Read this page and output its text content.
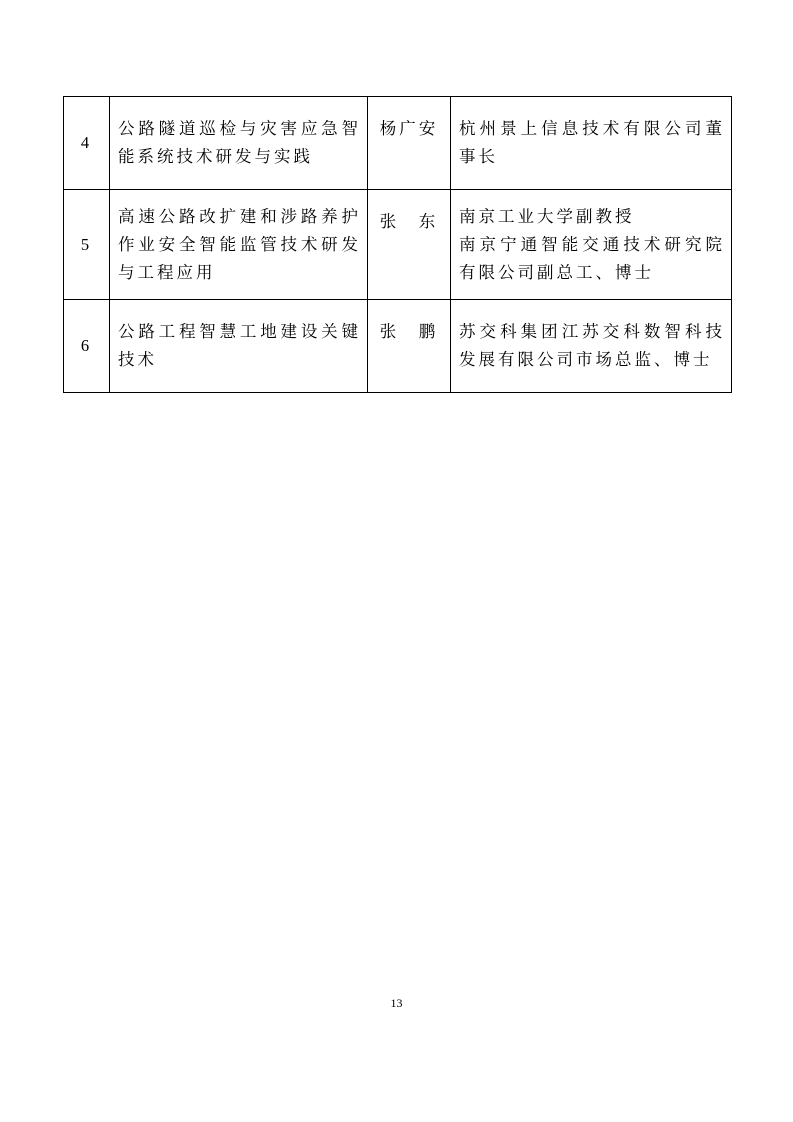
4	公路隧道巡检与灾害应急智能系统技术研发与实践	杨广安	杭州景上信息技术有限公司董事长

5	高速公路改扩建和涉路养护作业安全智能监管技术研发与工程应用	张　东	南京工业大学副教授
南京宁通智能交通技术研究院有限公司副总工、博士

6	公路工程智慧工地建设关键技术	张　鹏	苏交科集团江苏交科数智科技发展有限公司市场总监、博士
13
